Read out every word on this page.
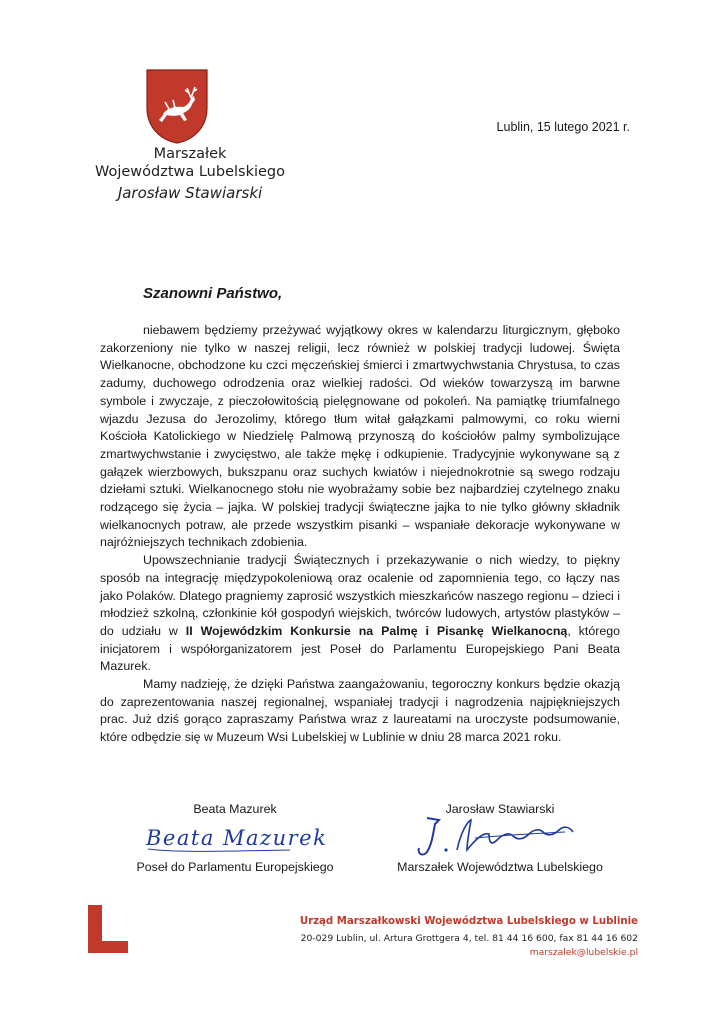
Marszałek
Województwa Lubelskiego
Jarosław Stawiarski
Lublin, 15 lutego 2021 r.
Szanowni Państwo,

niebawem będziemy przeżywać wyjątkowy okres w kalendarzu liturgicznym, głęboko zakorzeniony nie tylko w naszej religii, lecz również w polskiej tradycji ludowej. Święta Wielkanocne, obchodzone ku czci męczeńskiej śmierci i zmartwychwstania Chrystusa, to czas zadumy, duchowego odrodzenia oraz wielkiej radości. Od wieków towarzyszą im barwne symbole i zwyczaje, z pieczołowitością pielęgnowane od pokoleń. Na pamiątkę triumfalnego wjazdu Jezusa do Jerozolimy, którego tłum witał gałązkami palmowymi, co roku wierni Kościoła Katolickiego w Niedzielę Palmową przynoszą do kościołów palmy symbolizujące zmartwychwstanie i zwycięstwo, ale także mękę i odkupienie. Tradycyjnie wykonywane są z gałązek wierzbowych, bukszpanu oraz suchych kwiatów i niejednokrotnie są swego rodzaju dziełami sztuki. Wielkanocnego stołu nie wyobrażamy sobie bez najbardziej czytelnego znaku rodzącego się życia – jajka. W polskiej tradycji świąteczne jajka to nie tylko główny składnik wielkanocnych potraw, ale przede wszystkim pisanki – wspaniałe dekoracje wykonywane w najróżniejszych technikach zdobienia.

Upowszechnianie tradycji Świątecznych i przekazywanie o nich wiedzy, to piękny sposób na integrację międzypokoleniową oraz ocalenie od zapomnienia tego, co łączy nas jako Polaków. Dlatego pragniemy zaprosić wszystkich mieszkańców naszego regionu – dzieci i młodzież szkolną, członkinie kół gospodyń wiejskich, twórców ludowych, artystów plastyków – do udziału w II Wojewódzkim Konkursie na Palmę i Pisankę Wielkanocną, którego inicjatorem i współorganizatorem jest Poseł do Parlamentu Europejskiego Pani Beata Mazurek.

Mamy nadzieję, że dzięki Państwa zaangażowaniu, tegoroczny konkurs będzie okazją do zaprezentowania naszej regionalnej, wspaniałej tradycji i nagrodzenia najpiękniejszych prac. Już dziś gorąco zapraszamy Państwa wraz z laureatami na uroczyste podsumowanie, które odbędzie się w Muzeum Wsi Lubelskiej w Lublinie w dniu 28 marca 2021 roku.

Beata Mazurek	Jarosław Stawiarski
Beata Mazurek
Poseł do Parlamentu Europejskiego	Marszałek Województwa Lubelskiego
Urząd Marszałkowski Województwa Lubelskiego w Lublinie
20-029 Lublin, ul. Artura Grottgera 4, tel. 81 44 16 600, fax 81 44 16 602
marszalek@lubelskie.pl
